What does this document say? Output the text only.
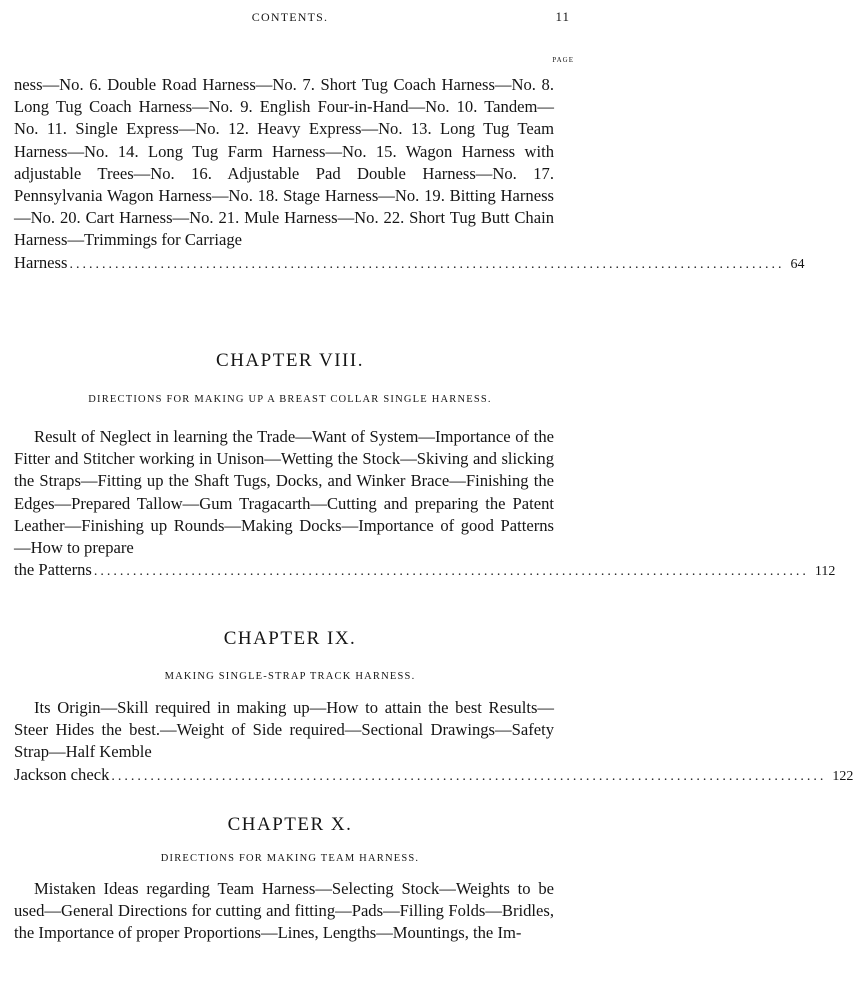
CONTENTS.	11
PAGE
ness—No. 6. Double Road Harness—No. 7. Short Tug Coach Harness—No. 8. Long Tug Coach Harness—No. 9. English Four-in-Hand—No. 10. Tandem—No. 11. Single Express—No. 12. Heavy Express—No. 13. Long Tug Team Harness—No. 14. Long Tug Farm Harness—No. 15. Wagon Harness with adjustable Trees—No. 16. Adjustable Pad Double Harness—No. 17. Pennsylvania Wagon Harness—No. 18. Stage Harness—No. 19. Bitting Harness—No. 20. Cart Harness—No. 21. Mule Harness—No. 22. Short Tug Butt Chain Harness—Trimmings for Carriage
Harness .............................................................................................................. 64
CHAPTER VIII.
DIRECTIONS FOR MAKING UP A BREAST COLLAR SINGLE HARNESS.
Result of Neglect in learning the Trade—Want of System—Importance of the Fitter and Stitcher working in Unison—Wetting the Stock—Skiving and slicking the Straps—Fitting up the Shaft Tugs, Docks, and Winker Brace—Finishing the Edges—Prepared Tallow—Gum Tragacarth—Cutting and preparing the Patent Leather—Finishing up Rounds—Making Docks—Importance of good Patterns—How to prepare
the Patterns .............................................................................................................. 112
CHAPTER IX.
MAKING SINGLE-STRAP TRACK HARNESS.
Its Origin—Skill required in making up—How to attain the best Results—Steer Hides the best.—Weight of Side required—Sectional Drawings—Safety Strap—Half Kemble
Jackson check .............................................................................................................. 122
CHAPTER X.
DIRECTIONS FOR MAKING TEAM HARNESS.
Mistaken Ideas regarding Team Harness—Selecting Stock—Weights to be used—General Directions for cutting and fitting—Pads—Filling Folds—Bridles, the Importance of proper Proportions—Lines, Lengths—Mountings, the Im-
